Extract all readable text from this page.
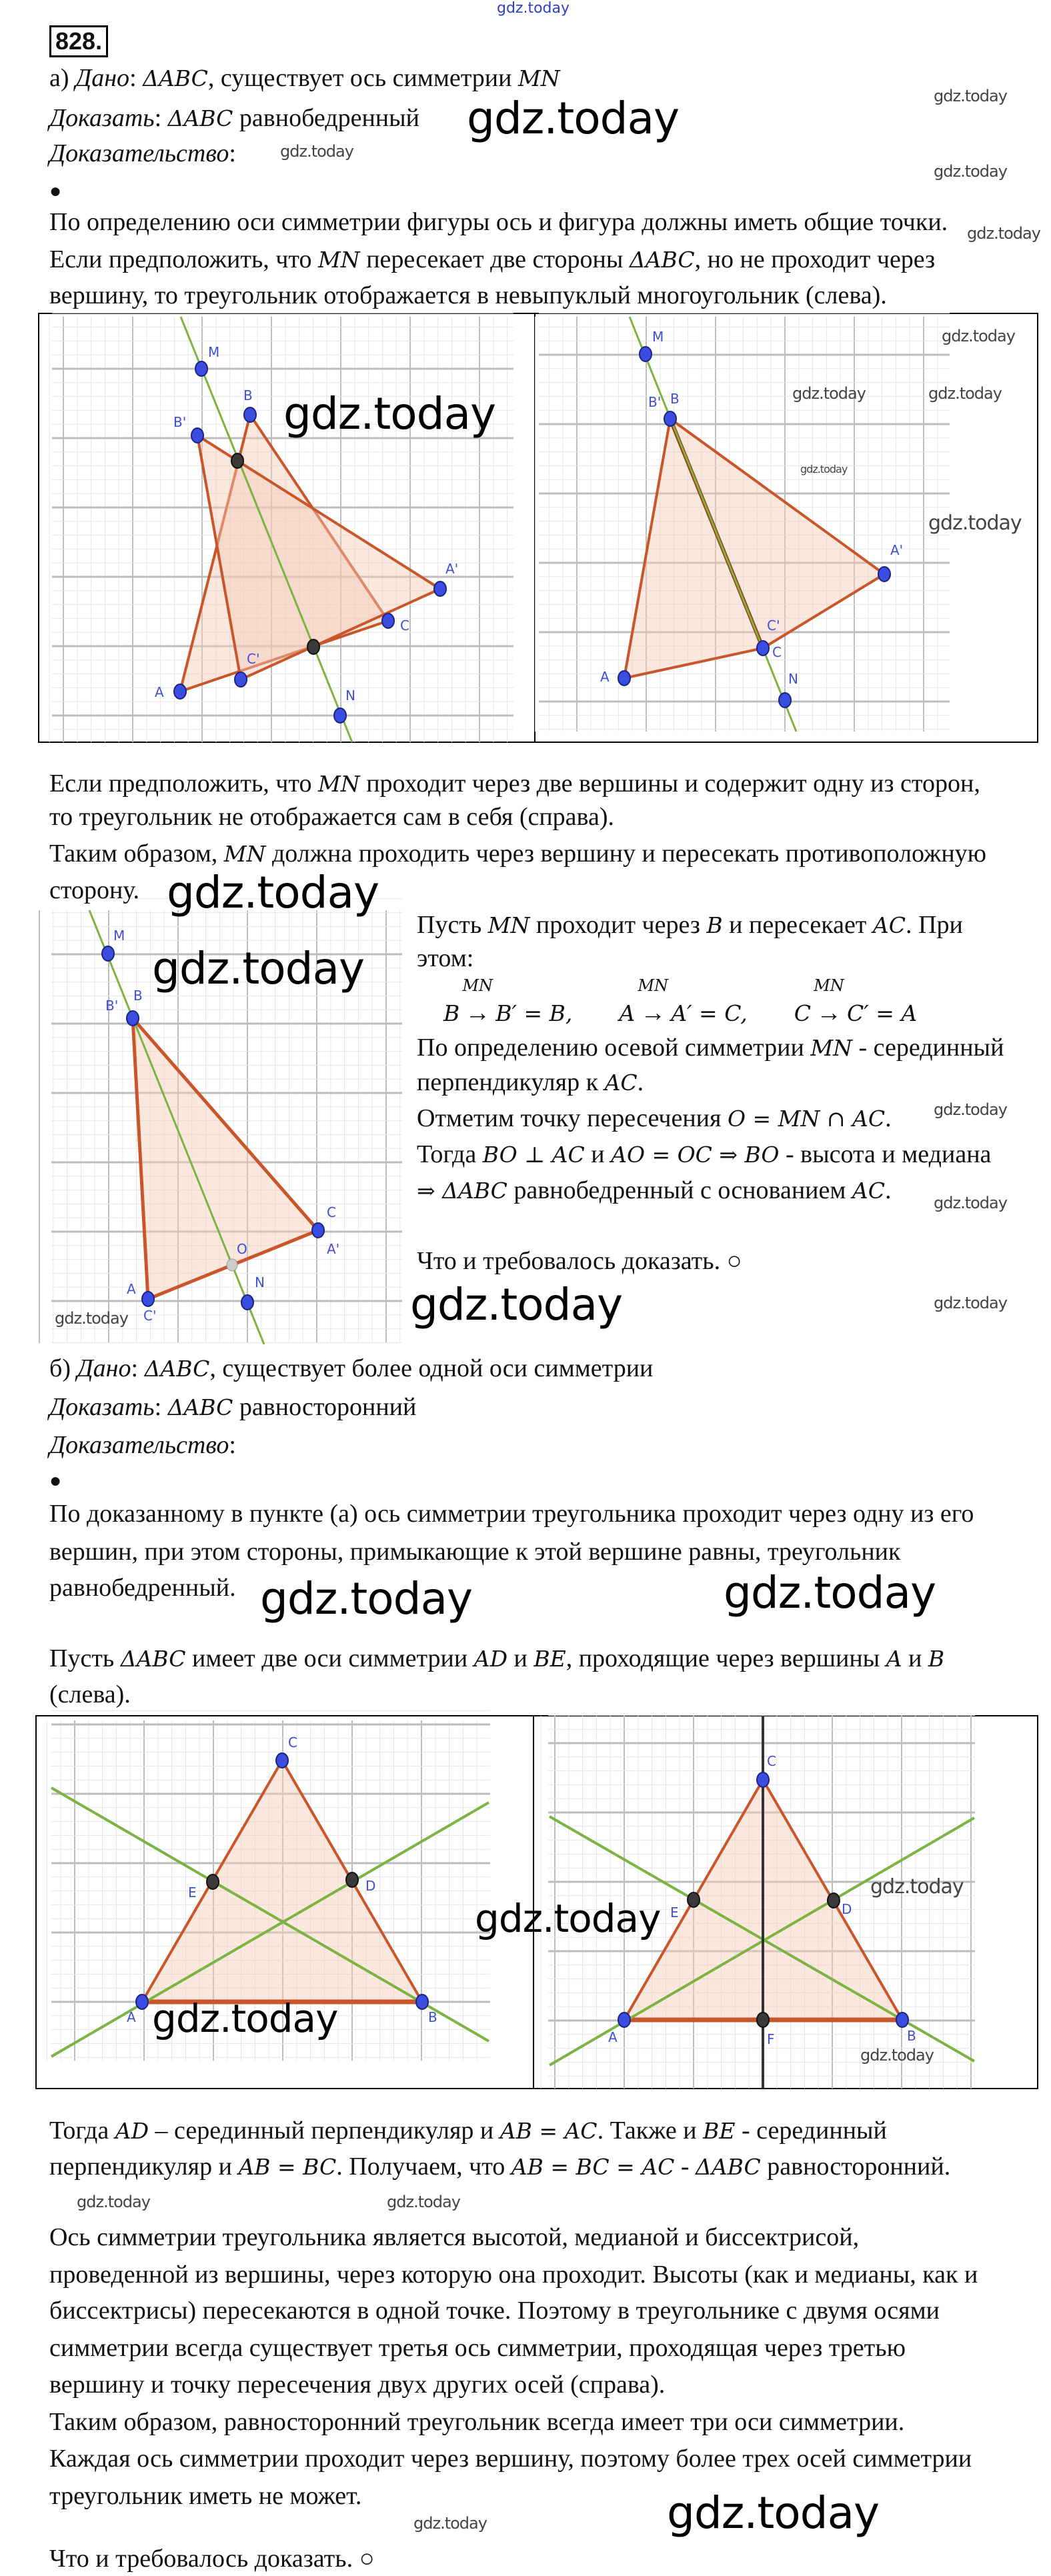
gdz.today
828.
M
B
B'
A'
C
C'
A	N
M
B
B'
A'
C'
C
A	N
M
B
B'
C
A'
O
N
A
C'
C
E	D
A	B
C
E	D
A	B
F
а) Дано: ΔABC, существует ось симметрии MN
Доказать: ΔABC равнобедренный
Доказательство:
●
По определению оси симметрии фигуры ось и фигура должны иметь общие точки.
Если предположить, что MN пересекает две стороны ΔABC, но не проходит через
вершину, то треугольник отображается в невыпуклый многоугольник (слева).
Если предположить, что MN проходит через две вершины и содержит одну из сторон,
то треугольник не отображается сам в себя (справа).
Таким образом, MN должна проходить через вершину и пересекать противоположную
сторону.
Пусть MN проходит через B и пересекает AC. При
этом:
B
MN
→ B′ = B, A
MN
→ A′ = C, C
MN
→ C′ = A
По определению осевой симметрии MN - серединный
перпендикуляр к AC.
Отметим точку пересечения O = MN ∩ AC.
Тогда BO ⊥ AC и AO = OC ⇒ BO - высота и медиана
⇒ ΔABC равнобедренный с основанием AC.
Что и требовалось доказать. ○
б) Дано: ΔABC, существует более одной оси симметрии
Доказать: ΔABC равносторонний
Доказательство:
●
По доказанному в пункте (а) ось симметрии треугольника проходит через одну из его
вершин, при этом стороны, примыкающие к этой вершине равны, треугольник
равнобедренный.
Пусть ΔABC имеет две оси симметрии AD и BE, проходящие через вершины A и B
(слева).
Тогда AD – серединный перпендикуляр и AB = AC. Также и BE - серединный
перпендикуляр и AB = BC. Получаем, что AB = BC = AC - ΔABC равносторонний.
Ось симметрии треугольника является высотой, медианой и биссектрисой,
проведенной из вершины, через которую она проходит. Высоты (как и медианы, как и
биссектрисы) пересекаются в одной точке. Поэтому в треугольнике с двумя осями
симметрии всегда существует третья ось симметрии, проходящая через третью
вершину и точку пересечения двух других осей (справа).
Таким образом, равносторонний треугольник всегда имеет три оси симметрии.
Каждая ось симметрии проходит через вершину, поэтому более трех осей симметрии
треугольник иметь не может.
Что и требовалось доказать. ○
gdz.today
gdz.today
gdz.today
gdz.today
gdz.today
gdz.today
gdz.today
gdz.today	gdz.today
gdz.today
gdz.today
gdz.today
gdz.today
gdz.today
gdz.today
gdz.today	gdz.today	gdz.today
gdz.today	gdz.today
gdz.today
gdz.today
gdz.today
gdz.today
gdz.today	gdz.today
gdz.today
gdz.today
